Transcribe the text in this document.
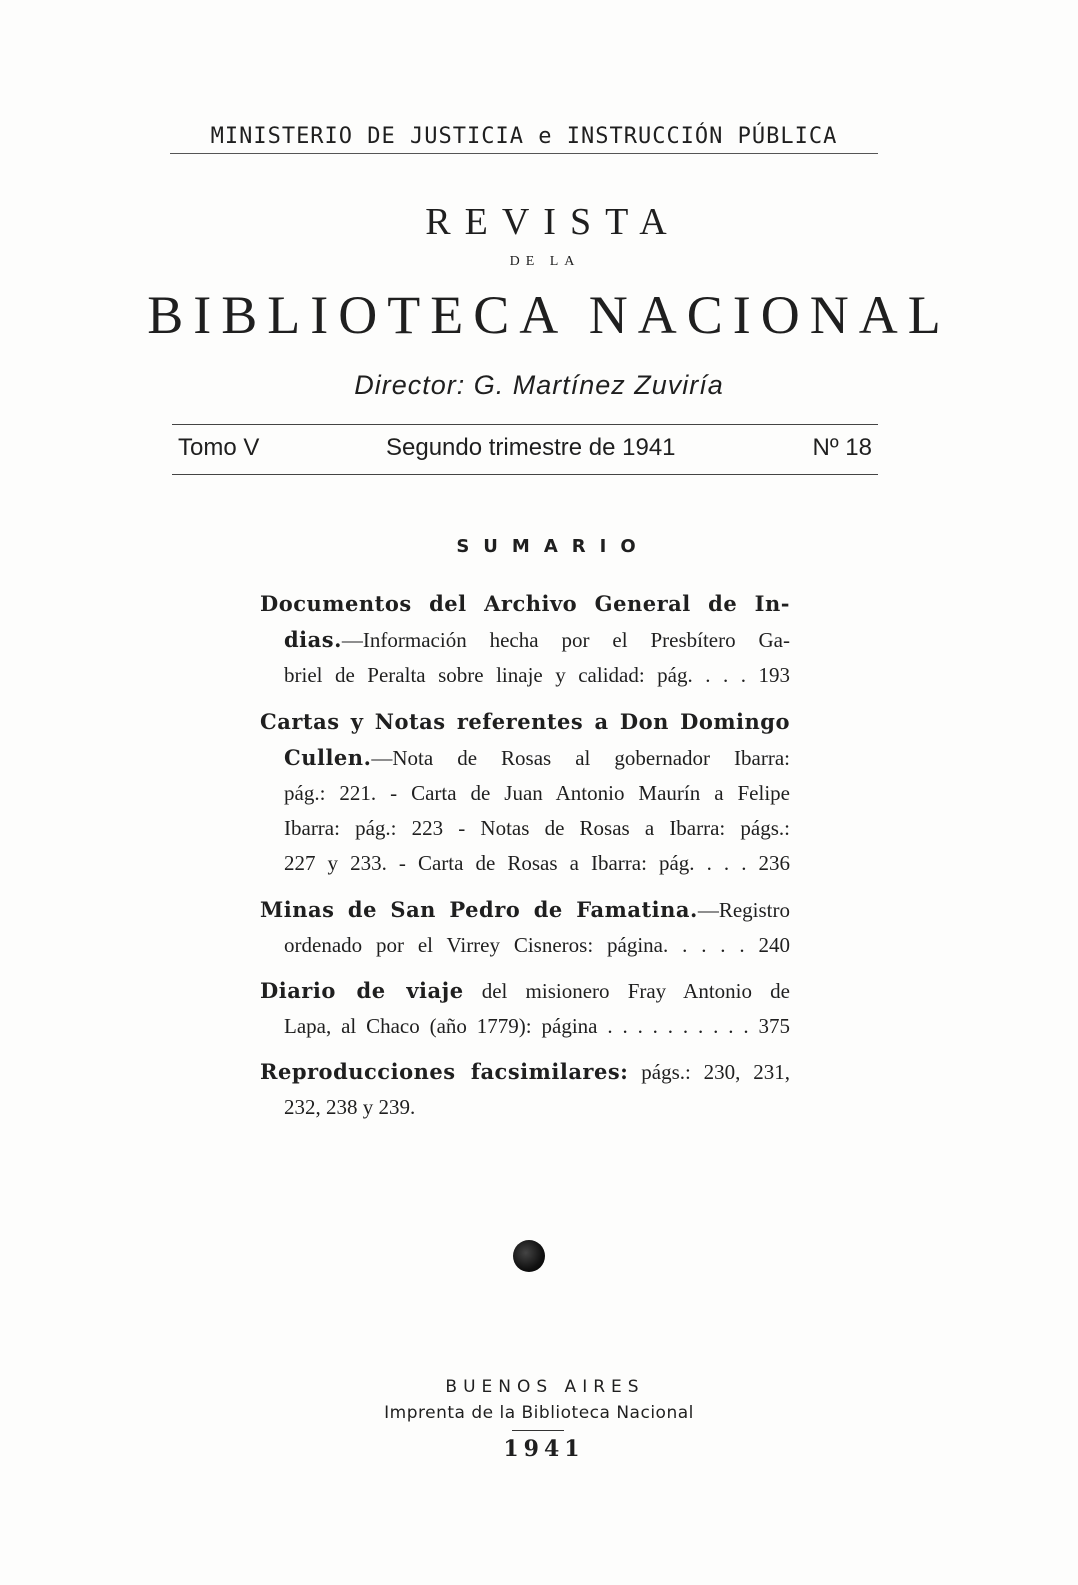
MINISTERIO DE JUSTICIA e INSTRUCCIÓN PÚBLICA
REVISTA
DE LA
BIBLIOTECA NACIONAL
Director: G. Martínez Zuviría
Tomo V	Segundo trimestre de 1941	Nº 18
SUMARIO
Documentos del Archivo General de In-
dias.—Información hecha por el Presbítero Ga-
briel de Peralta sobre linaje y calidad: pág. . . . 193
Cartas y Notas referentes a Don Domingo
Cullen.—Nota de Rosas al gobernador Ibarra:
pág.: 221. - Carta de Juan Antonio Maurín a Felipe
Ibarra: pág.: 223 - Notas de Rosas a Ibarra: págs.:
227 y 233. - Carta de Rosas a Ibarra: pág. . . . 236
Minas de San Pedro de Famatina.—Registro
ordenado por el Virrey Cisneros: página. . . . . 240
Diario de viaje del misionero Fray Antonio de
Lapa, al Chaco (año 1779): página . . . . . . . . . . 375
Reproducciones facsimilares: págs.: 230, 231,
232, 238 y 239.
BUENOS AIRES
Imprenta de la Biblioteca Nacional
1941
